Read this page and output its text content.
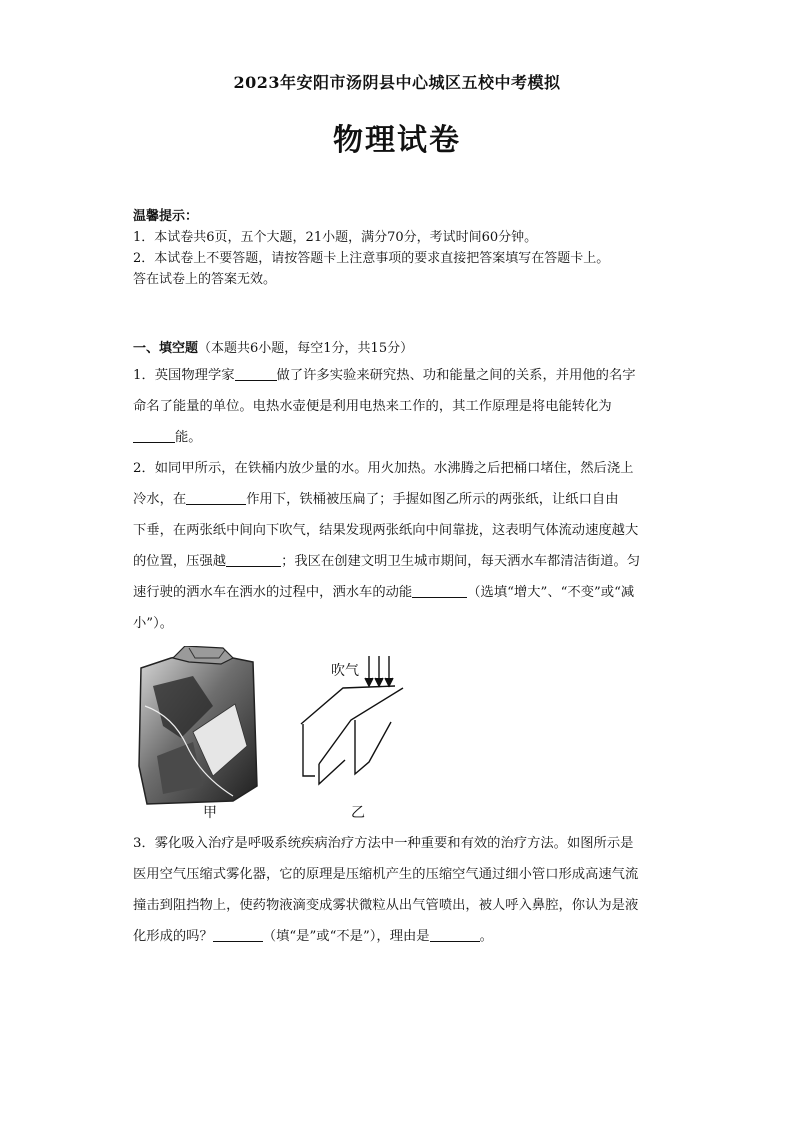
2023年安阳市汤阴县中心城区五校中考模拟
物理试卷
温馨提示：
1．本试卷共6页，五个大题，21小题，满分70分，考试时间60分钟。
2．本试卷上不要答题，请按答题卡上注意事项的要求直接把答案填写在答题卡上。
答在试卷上的答案无效。
一、填空题（本题共6小题，每空1分，共15分）

1．英国物理学家	做了许多实验来研究热、功和能量之间的关系，并用他的名字

命名了能量的单位。电热水壶便是利用电热来工作的，其工作原理是将电能转化为

能。

2．如同甲所示，在铁桶内放少量的水。用火加热。水沸腾之后把桶口堵住，然后浇上

冷水，在	作用下，铁桶被压扁了；手握如图乙所示的两张纸，让纸口自由

下垂，在两张纸中间向下吹气，结果发现两张纸向中间靠拢，这表明气体流动速度越大

的位置，压强越	；我区在创建文明卫生城市期间，每天洒水车都清洁街道。匀

速行驶的洒水车在洒水的过程中，洒水车的动能	（选填“增大”、“不变”或“减

小”）。

吹气
甲	乙

3．雾化吸入治疗是呼吸系统疾病治疗方法中一种重要和有效的治疗方法。如图所示是

医用空气压缩式雾化器，它的原理是压缩机产生的压缩空气通过细小管口形成高速气流

撞击到阻挡物上，使药物液滴变成雾状微粒从出气管喷出，被人呼入鼻腔，你认为是液

化形成的吗？	（填“是”或“不是”），理由是	。
